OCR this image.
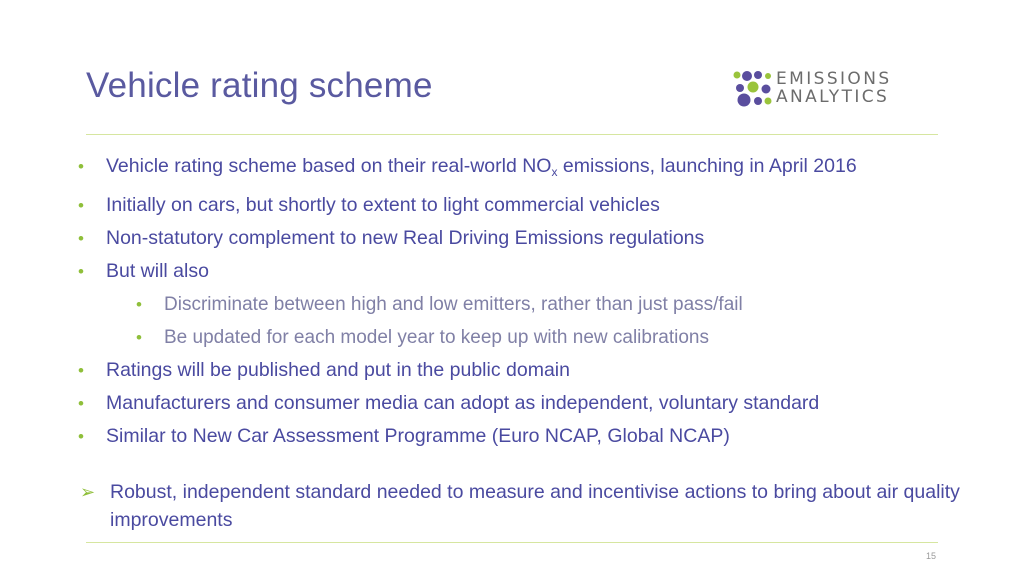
Vehicle rating scheme	EMISSIONS
ANALYTICS
• Vehicle rating scheme based on their real-world $NO_x$ emissions, launching in April 2016
• Initially on cars, but shortly to extent to light commercial vehicles
• Non-statutory complement to new Real Driving Emissions regulations
• But will also
• Discriminate between high and low emitters, rather than just pass/fail
• Be updated for each model year to keep up with new calibrations
• Ratings will be published and put in the public domain
• Manufacturers and consumer media can adopt as independent, voluntary standard
• Similar to New Car Assessment Programme (Euro NCAP, Global NCAP)
➢ Robust, independent standard needed to measure and incentivise actions to bring about air quality improvements
15
